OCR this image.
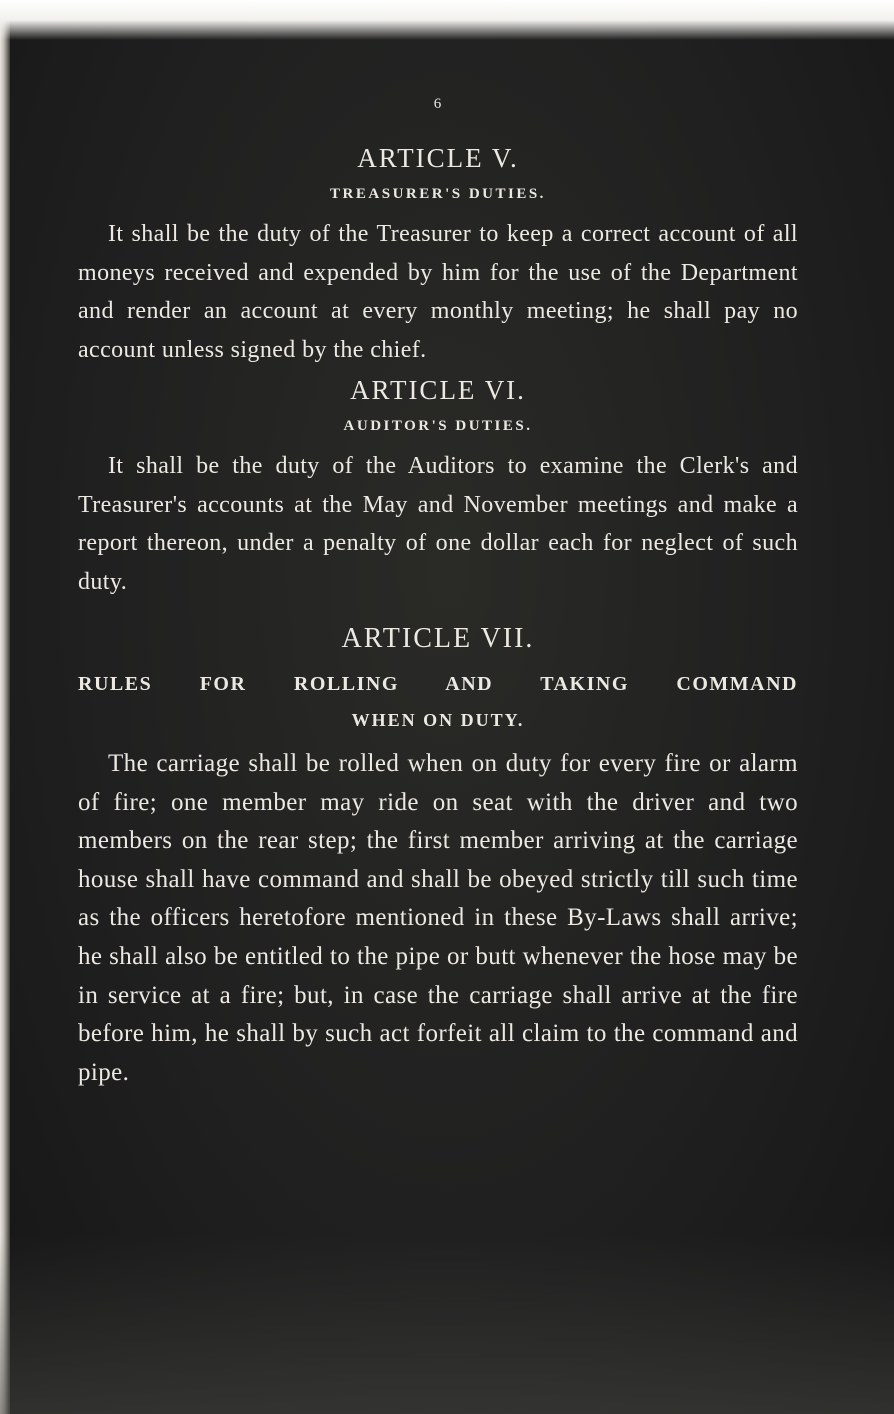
6
ARTICLE V.
TREASURER'S DUTIES.

It shall be the duty of the Treasurer to keep a correct account of all moneys received and expended by him for the use of the Department and render an account at every monthly meeting; he shall pay no account unless signed by the chief.

ARTICLE VI.
AUDITOR'S DUTIES.

It shall be the duty of the Auditors to examine the Clerk's and Treasurer's accounts at the May and November meetings and make a report thereon, under a penalty of one dollar each for neglect of such duty.

ARTICLE VII.
RULES FOR ROLLING AND TAKING COMMAND
WHEN ON DUTY.

The carriage shall be rolled when on duty for every fire or alarm of fire; one member may ride on seat with the driver and two members on the rear step; the first member arriving at the carriage house shall have command and shall be obeyed strictly till such time as the officers heretofore mentioned in these By-Laws shall arrive; he shall also be entitled to the pipe or butt whenever the hose may be in service at a fire; but, in case the carriage shall arrive at the fire before him, he shall by such act forfeit all claim to the command and pipe.
